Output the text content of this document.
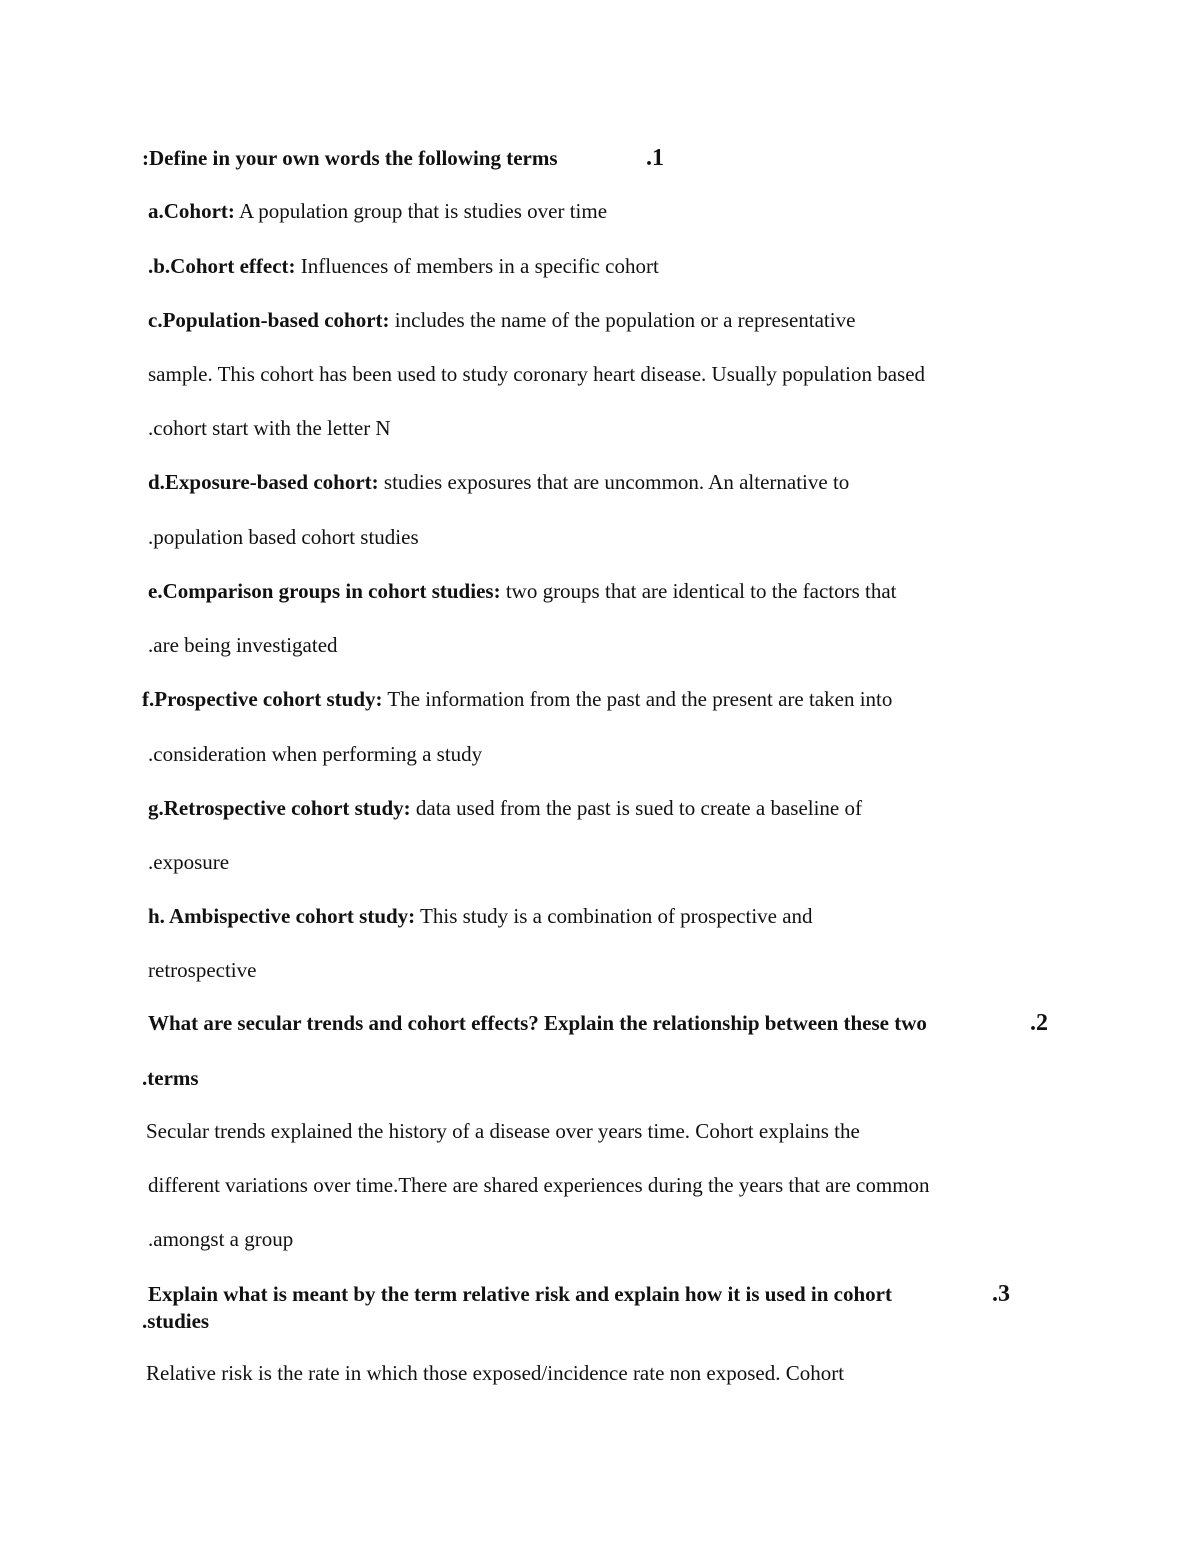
:Define in your own words the following terms	.1
a.Cohort: A population group that is studies over time
.b.Cohort effect: Influences of members in a specific cohort
c.Population-based cohort: includes the name of the population or a representative
sample. This cohort has been used to study coronary heart disease. Usually population based
.cohort start with the letter N
d.Exposure-based cohort: studies exposures that are uncommon. An alternative to
.population based cohort studies
e.Comparison groups in cohort studies: two groups that are identical to the factors that
.are being investigated
f.Prospective cohort study: The information from the past and the present are taken into
.consideration when performing a study
g.Retrospective cohort study: data used from the past is sued to create a baseline of
.exposure
h. Ambispective cohort study: This study is a combination of prospective and
retrospective
What are secular trends and cohort effects? Explain the relationship between these two	.2
.terms
Secular trends explained the history of a disease over years time. Cohort explains the
different variations over time.There are shared experiences during the years that are common
.amongst a group
Explain what is meant by the term relative risk and explain how it is used in cohort	.3
.studies
Relative risk is the rate in which those exposed/incidence rate non exposed. Cohort
